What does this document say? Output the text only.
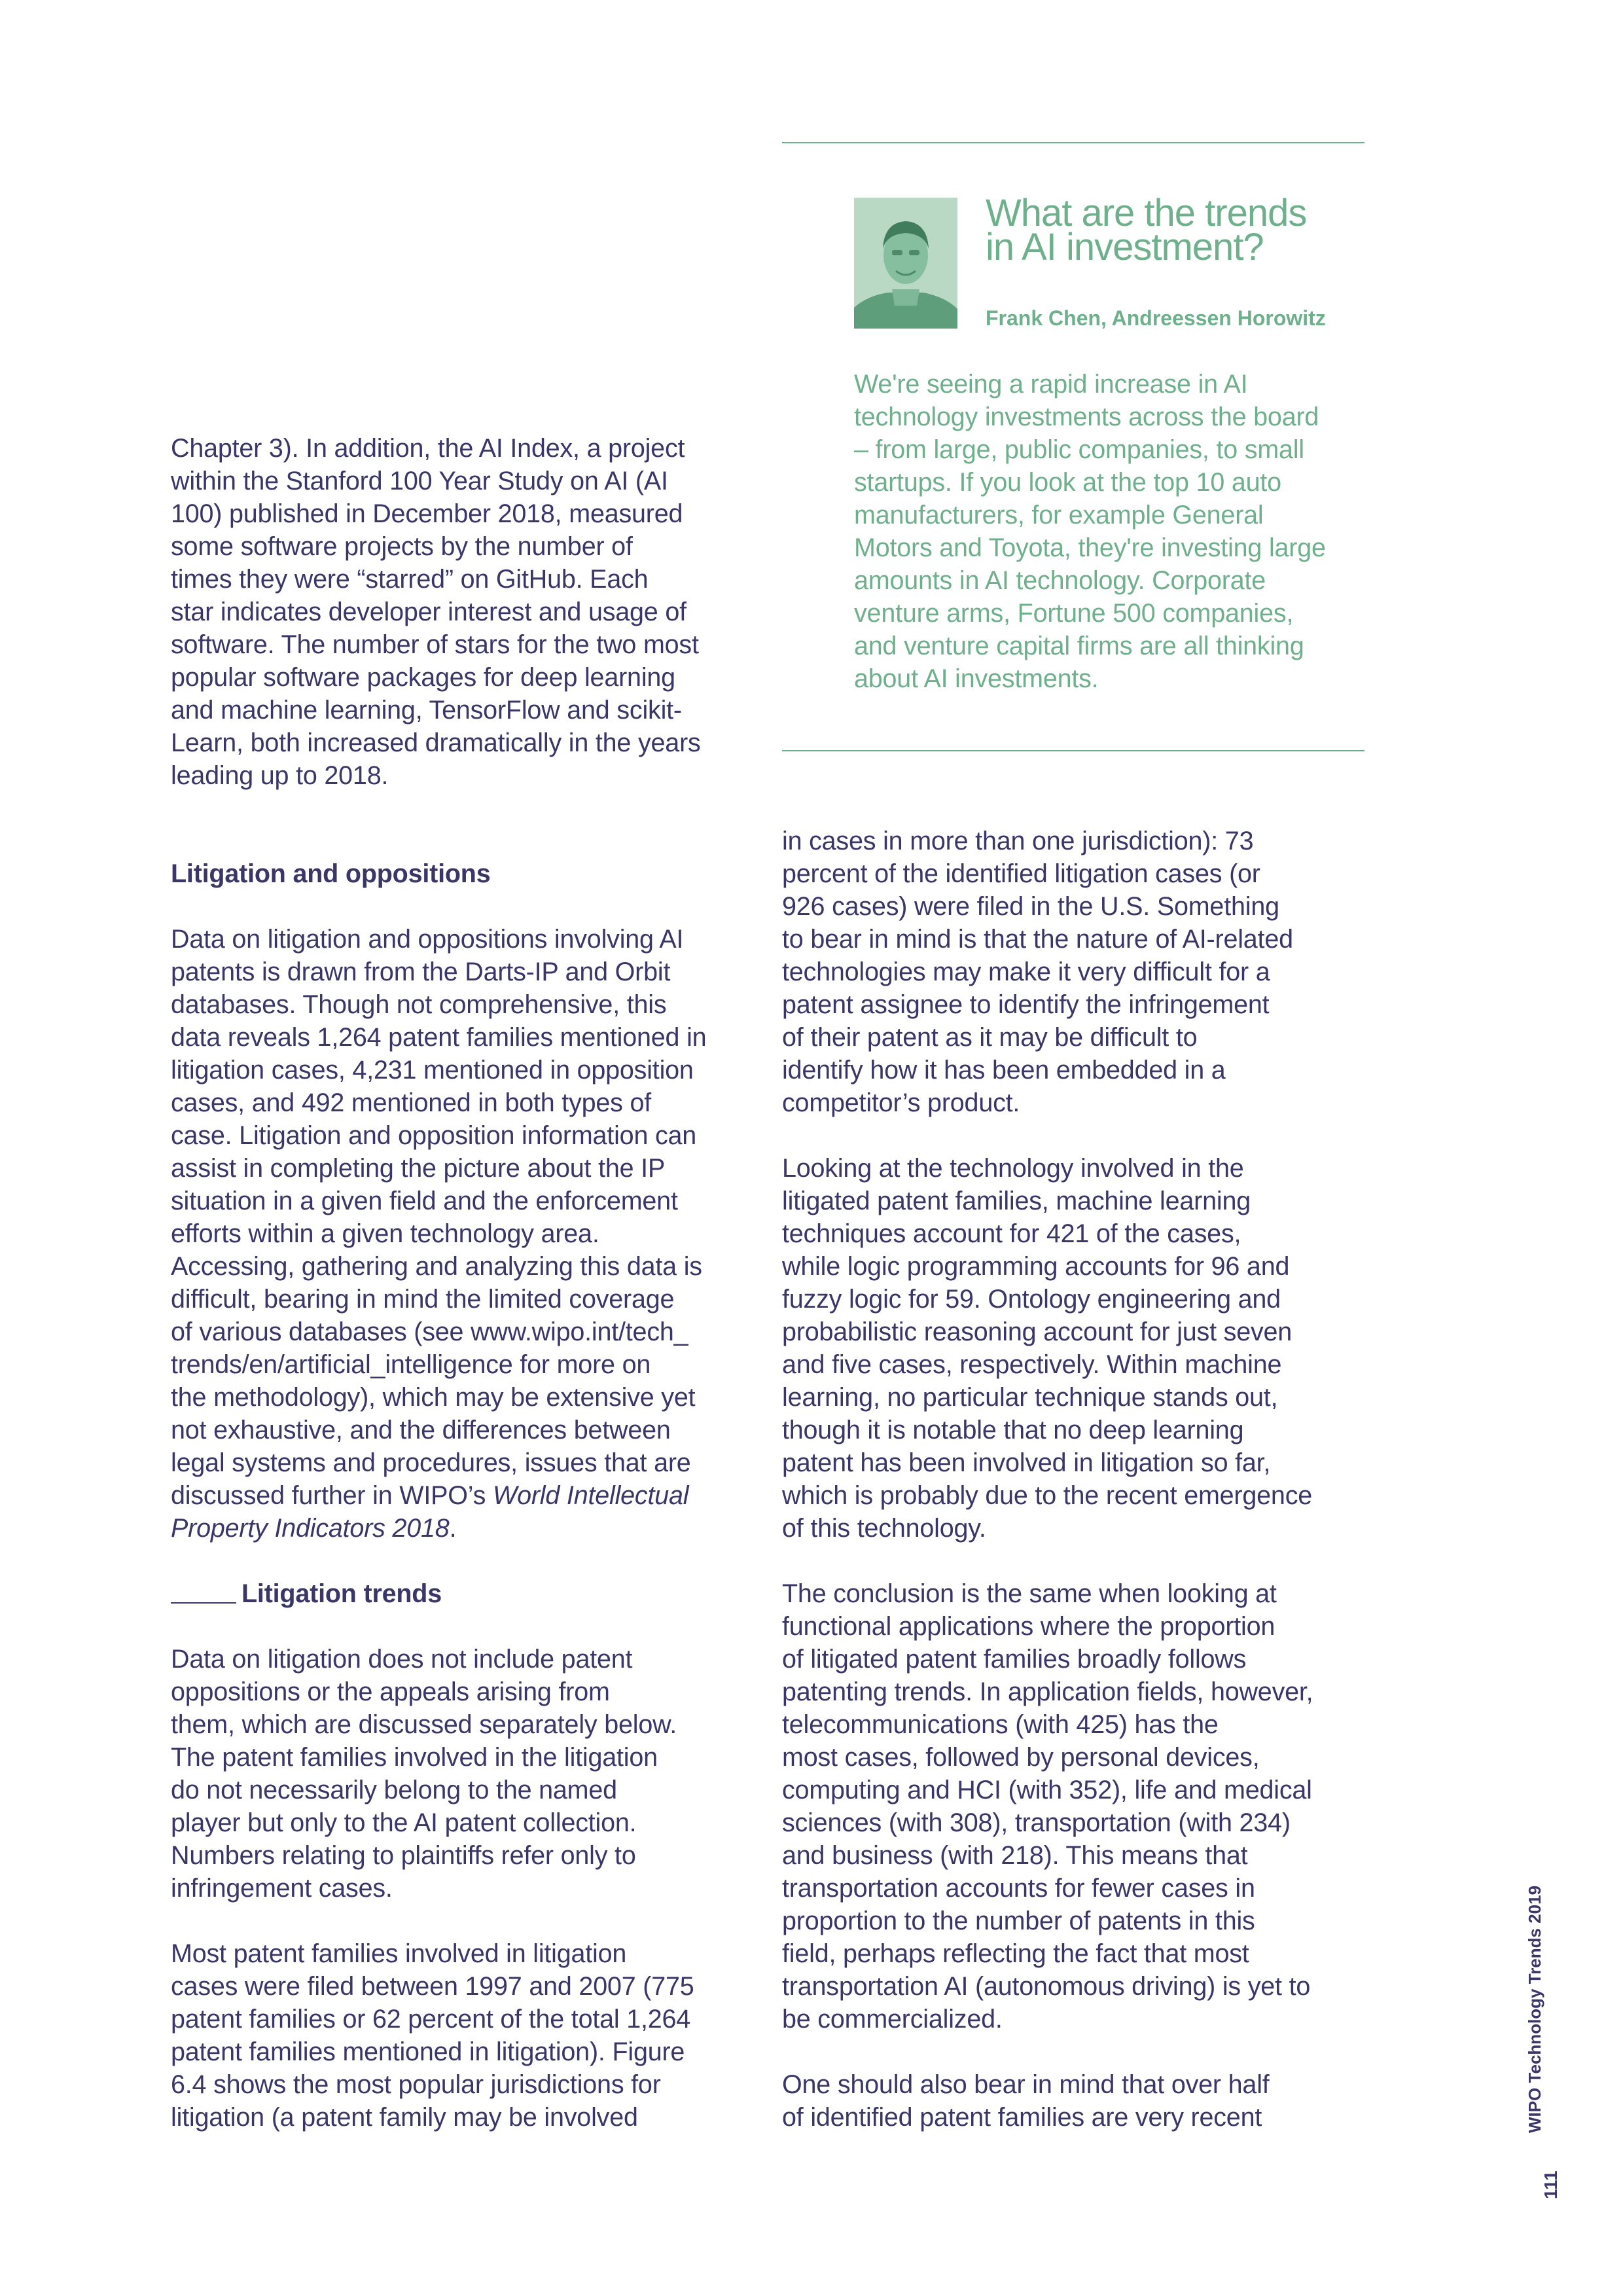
What are the trends
in AI investment?
Frank Chen, Andreessen Horowitz

We're seeing a rapid increase in AI

technology investments across the board

– from large, public companies, to small

startups. If you look at the top 10 auto

manufacturers, for example General

Motors and Toyota, they're investing large

amounts in AI technology. Corporate

venture arms, Fortune 500 companies,

and venture capital firms are all thinking

about AI investments.

Chapter 3). In addition, the AI Index, a project

within the Stanford 100 Year Study on AI (AI

100) published in December 2018, measured

some software projects by the number of

times they were “starred” on GitHub. Each

star indicates developer interest and usage of

software. The number of stars for the two most

popular software packages for deep learning

and machine learning, TensorFlow and scikit-

Learn, both increased dramatically in the years

leading up to 2018.

Litigation and oppositions

Data on litigation and oppositions involving AI

patents is drawn from the Darts-IP and Orbit

databases. Though not comprehensive, this

data reveals 1,264 patent families mentioned in

litigation cases, 4,231 mentioned in opposition

cases, and 492 mentioned in both types of

case. Litigation and opposition information can

assist in completing the picture about the IP

situation in a given field and the enforcement

efforts within a given technology area.

Accessing, gathering and analyzing this data is

difficult, bearing in mind the limited coverage

of various databases (see www.wipo.int/tech_

trends/en/artificial_intelligence for more on

the methodology), which may be extensive yet

not exhaustive, and the differences between

legal systems and procedures, issues that are

discussed further in WIPO’s World Intellectual

Property Indicators 2018.

Litigation trends

Data on litigation does not include patent

oppositions or the appeals arising from

them, which are discussed separately below.

The patent families involved in the litigation

do not necessarily belong to the named

player but only to the AI patent collection.

Numbers relating to plaintiffs refer only to

infringement cases.

Most patent families involved in litigation

cases were filed between 1997 and 2007 (775

patent families or 62 percent of the total 1,264

patent families mentioned in litigation). Figure

6.4 shows the most popular jurisdictions for

litigation (a patent family may be involved

in cases in more than one jurisdiction): 73

percent of the identified litigation cases (or

926 cases) were filed in the U.S. Something

to bear in mind is that the nature of AI-related

technologies may make it very difficult for a

patent assignee to identify the infringement

of their patent as it may be difficult to

identify how it has been embedded in a

competitor’s product.

Looking at the technology involved in the

litigated patent families, machine learning

techniques account for 421 of the cases,

while logic programming accounts for 96 and

fuzzy logic for 59. Ontology engineering and

probabilistic reasoning account for just seven

and five cases, respectively. Within machine

learning, no particular technique stands out,

though it is notable that no deep learning

patent has been involved in litigation so far,

which is probably due to the recent emergence

of this technology.

The conclusion is the same when looking at

functional applications where the proportion

of litigated patent families broadly follows

patenting trends. In application fields, however,

telecommunications (with 425) has the

most cases, followed by personal devices,

computing and HCI (with 352), life and medical

sciences (with 308), transportation (with 234)

and business (with 218). This means that

transportation accounts for fewer cases in

proportion to the number of patents in this

field, perhaps reflecting the fact that most

transportation AI (autonomous driving) is yet to

be commercialized.

One should also bear in mind that over half

of identified patent families are very recent	WIPO Technology Trends 2019
111
